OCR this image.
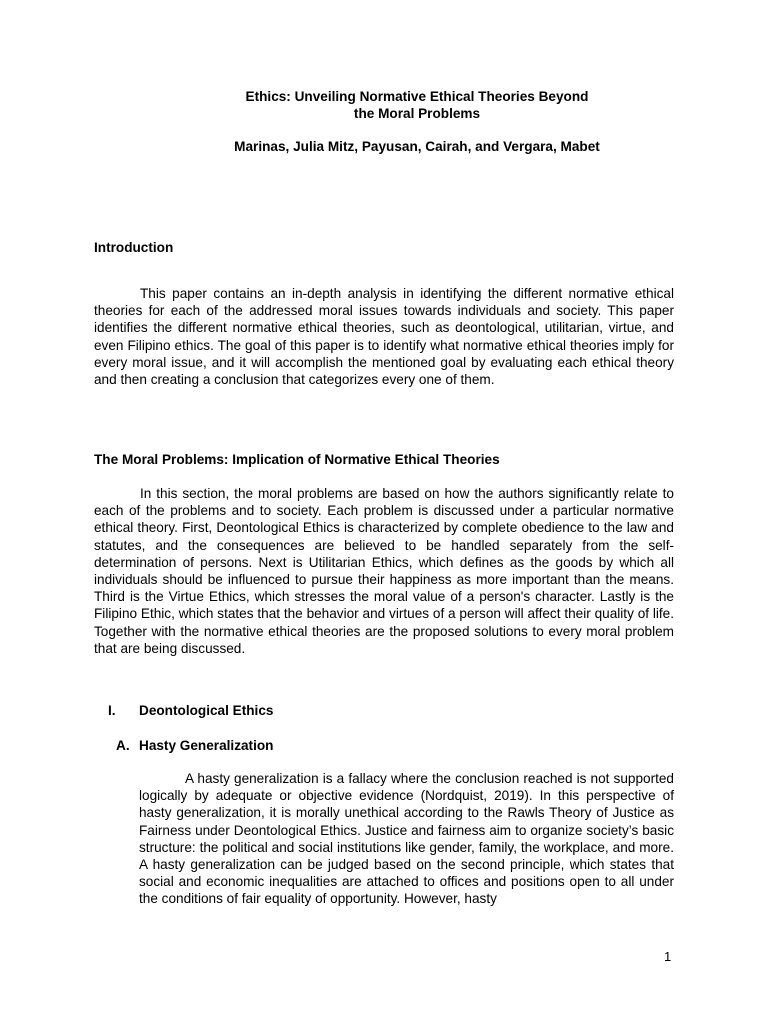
Ethics: Unveiling Normative Ethical Theories Beyond
the Moral Problems
Marinas, Julia Mitz, Payusan, Cairah, and Vergara, Mabet
Introduction
This paper contains an in-depth analysis in identifying the different normative ethical theories for each of the addressed moral issues towards individuals and society. This paper identifies the different normative ethical theories, such as deontological, utilitarian, virtue, and even Filipino ethics. The goal of this paper is to identify what normative ethical theories imply for every moral issue, and it will accomplish the mentioned goal by evaluating each ethical theory and then creating a conclusion that categorizes every one of them.
The Moral Problems: Implication of Normative Ethical Theories
In this section, the moral problems are based on how the authors significantly relate to each of the problems and to society. Each problem is discussed under a particular normative ethical theory. First, Deontological Ethics is characterized by complete obedience to the law and statutes, and the consequences are believed to be handled separately from the self-determination of persons. Next is Utilitarian Ethics, which defines as the goods by which all individuals should be influenced to pursue their happiness as more important than the means. Third is the Virtue Ethics, which stresses the moral value of a person's character. Lastly is the Filipino Ethic, which states that the behavior and virtues of a person will affect their quality of life. Together with the normative ethical theories are the proposed solutions to every moral problem that are being discussed.
I. Deontological Ethics
A. Hasty Generalization
A hasty generalization is a fallacy where the conclusion reached is not supported logically by adequate or objective evidence (Nordquist, 2019). In this perspective of hasty generalization, it is morally unethical according to the Rawls Theory of Justice as Fairness under Deontological Ethics. Justice and fairness aim to organize society’s basic structure: the political and social institutions like gender, family, the workplace, and more. A hasty generalization can be judged based on the second principle, which states that social and economic inequalities are attached to offices and positions open to all under the conditions of fair equality of opportunity. However, hasty
1
